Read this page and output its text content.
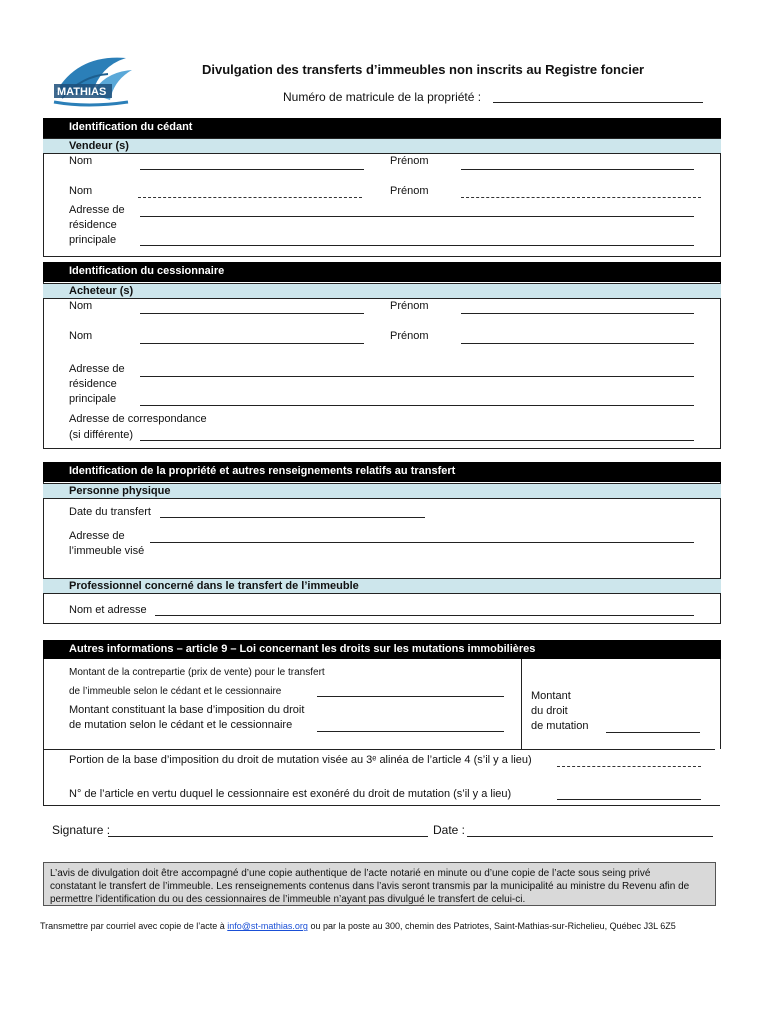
MATHIAS
Divulgation des transferts d’immeubles non inscrits au Registre foncier
Numéro de matricule de la propriété :
Identification du cédant
Vendeur (s)
Nom	Prénom
Nom	Prénom
Adresse de
résidence
principale
Identification du cessionnaire
Acheteur (s)
Nom	Prénom
Nom	Prénom
Adresse de
résidence
principale
Adresse de correspondance
(si différente)
Identification de la propriété et autres renseignements relatifs au transfert
Personne physique
Date du transfert
Adresse de
l’immeuble visé
Professionnel concerné dans le transfert de l’immeuble
Nom et adresse
Autres informations – article 9 – Loi concernant les droits sur les mutations immobilières
Montant de la contrepartie (prix de vente) pour le transfert
de l’immeuble selon le cédant et le cessionnaire
Montant constituant la base d’imposition du droit
de mutation selon le cédant et le cessionnaire
Montant
du droit
de mutation
Portion de la base d’imposition du droit de mutation visée au 3ᵉ alinéa de l’article 4 (s’il y a lieu)
N° de l’article en vertu duquel le cessionnaire est exonéré du droit de mutation (s’il y a lieu)
Signature :	Date :
L’avis de divulgation doit être accompagné d’une copie authentique de l’acte notarié en minute ou d’une copie de l’acte sous seing privé
constatant le transfert de l’immeuble. Les renseignements contenus dans l’avis seront transmis par la municipalité au ministre du Revenu afin de
permettre l’identification du ou des cessionnaires de l’immeuble n’ayant pas divulgué le transfert de celui-ci.
Transmettre par courriel avec copie de l’acte à info@st-mathias.org ou par la poste au 300, chemin des Patriotes, Saint-Mathias-sur-Richelieu, Québec J3L 6Z5
